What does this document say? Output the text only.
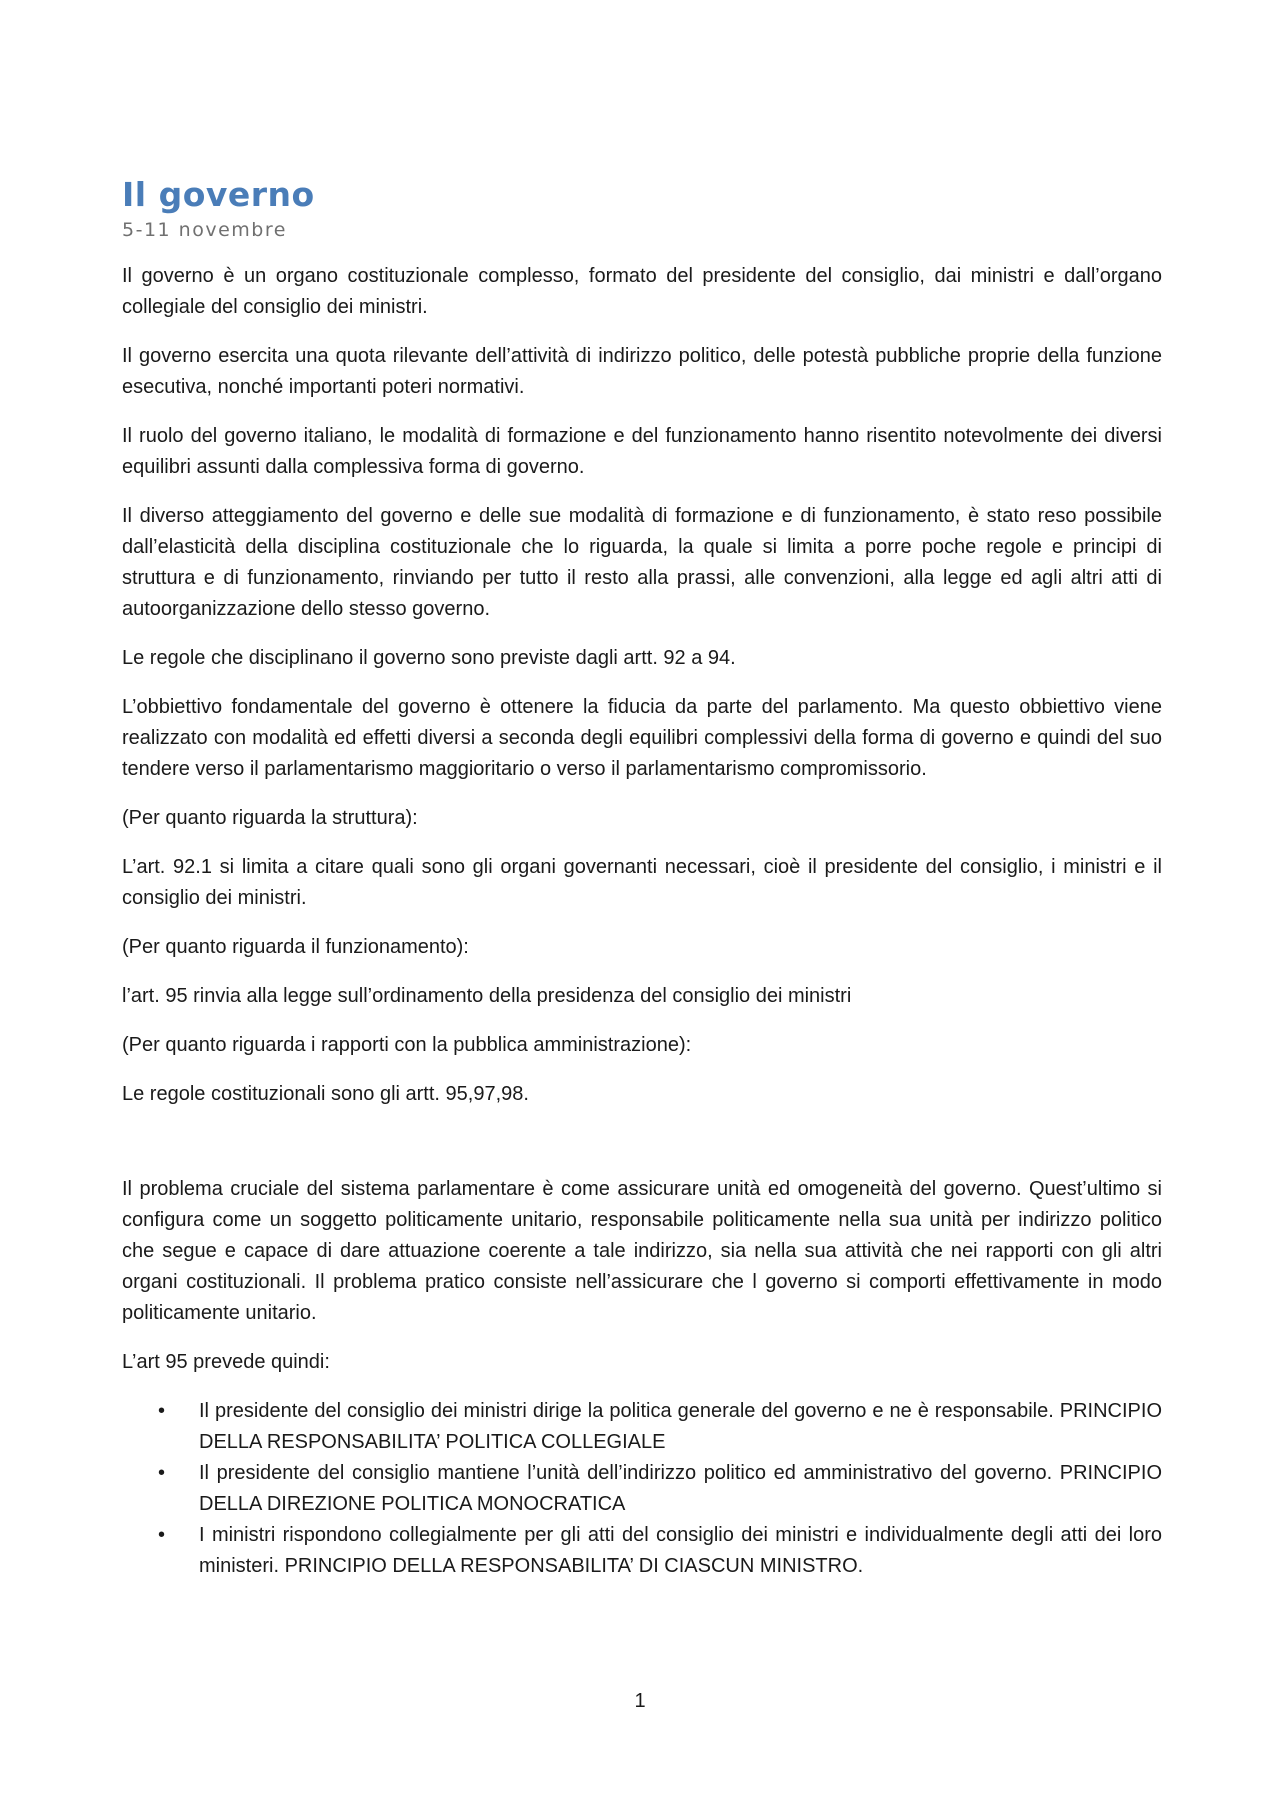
Il governo
5-11 novembre

Il governo è un organo costituzionale complesso, formato del presidente del consiglio, dai ministri e dall’organo collegiale del consiglio dei ministri.

Il governo esercita una quota rilevante dell’attività di indirizzo politico, delle potestà pubbliche proprie della funzione esecutiva, nonché importanti poteri normativi.

Il ruolo del governo italiano, le modalità di formazione e del funzionamento hanno risentito notevolmente dei diversi equilibri assunti dalla complessiva forma di governo.

Il diverso atteggiamento del governo e delle sue modalità di formazione e di funzionamento, è stato reso possibile dall’elasticità della disciplina costituzionale che lo riguarda, la quale si limita a porre poche regole e principi di struttura e di funzionamento, rinviando per tutto il resto alla prassi, alle convenzioni, alla legge ed agli altri atti di autoorganizzazione dello stesso governo.

Le regole che disciplinano il governo sono previste dagli artt. 92 a 94.

L’obbiettivo fondamentale del governo è ottenere la fiducia da parte del parlamento. Ma questo obbiettivo viene realizzato con modalità ed effetti diversi a seconda degli equilibri complessivi della forma di governo e quindi del suo tendere verso il parlamentarismo maggioritario o verso il parlamentarismo compromissorio.

(Per quanto riguarda la struttura):

L’art. 92.1 si limita a citare quali sono gli organi governanti necessari, cioè il presidente del consiglio, i ministri e il consiglio dei ministri.

(Per quanto riguarda il funzionamento):

l’art. 95 rinvia alla legge sull’ordinamento della presidenza del consiglio dei ministri

(Per quanto riguarda i rapporti con la pubblica amministrazione):

Le regole costituzionali sono gli artt. 95,97,98.

Il problema cruciale del sistema parlamentare è come assicurare unità ed omogeneità del governo. Quest’ultimo si configura come un soggetto politicamente unitario, responsabile politicamente nella sua unità per indirizzo politico che segue e capace di dare attuazione coerente a tale indirizzo, sia nella sua attività che nei rapporti con gli altri organi costituzionali. Il problema pratico consiste nell’assicurare che l governo si comporti effettivamente in modo politicamente unitario.

L’art 95 prevede quindi:

• Il presidente del consiglio dei ministri dirige la politica generale del governo e ne è responsabile. PRINCIPIO DELLA RESPONSABILITA’ POLITICA COLLEGIALE
• Il presidente del consiglio mantiene l’unità dell’indirizzo politico ed amministrativo del governo. PRINCIPIO DELLA DIREZIONE POLITICA MONOCRATICA
• I ministri rispondono collegialmente per gli atti del consiglio dei ministri e individualmente degli atti dei loro ministeri. PRINCIPIO DELLA RESPONSABILITA’ DI CIASCUN MINISTRO.
1
